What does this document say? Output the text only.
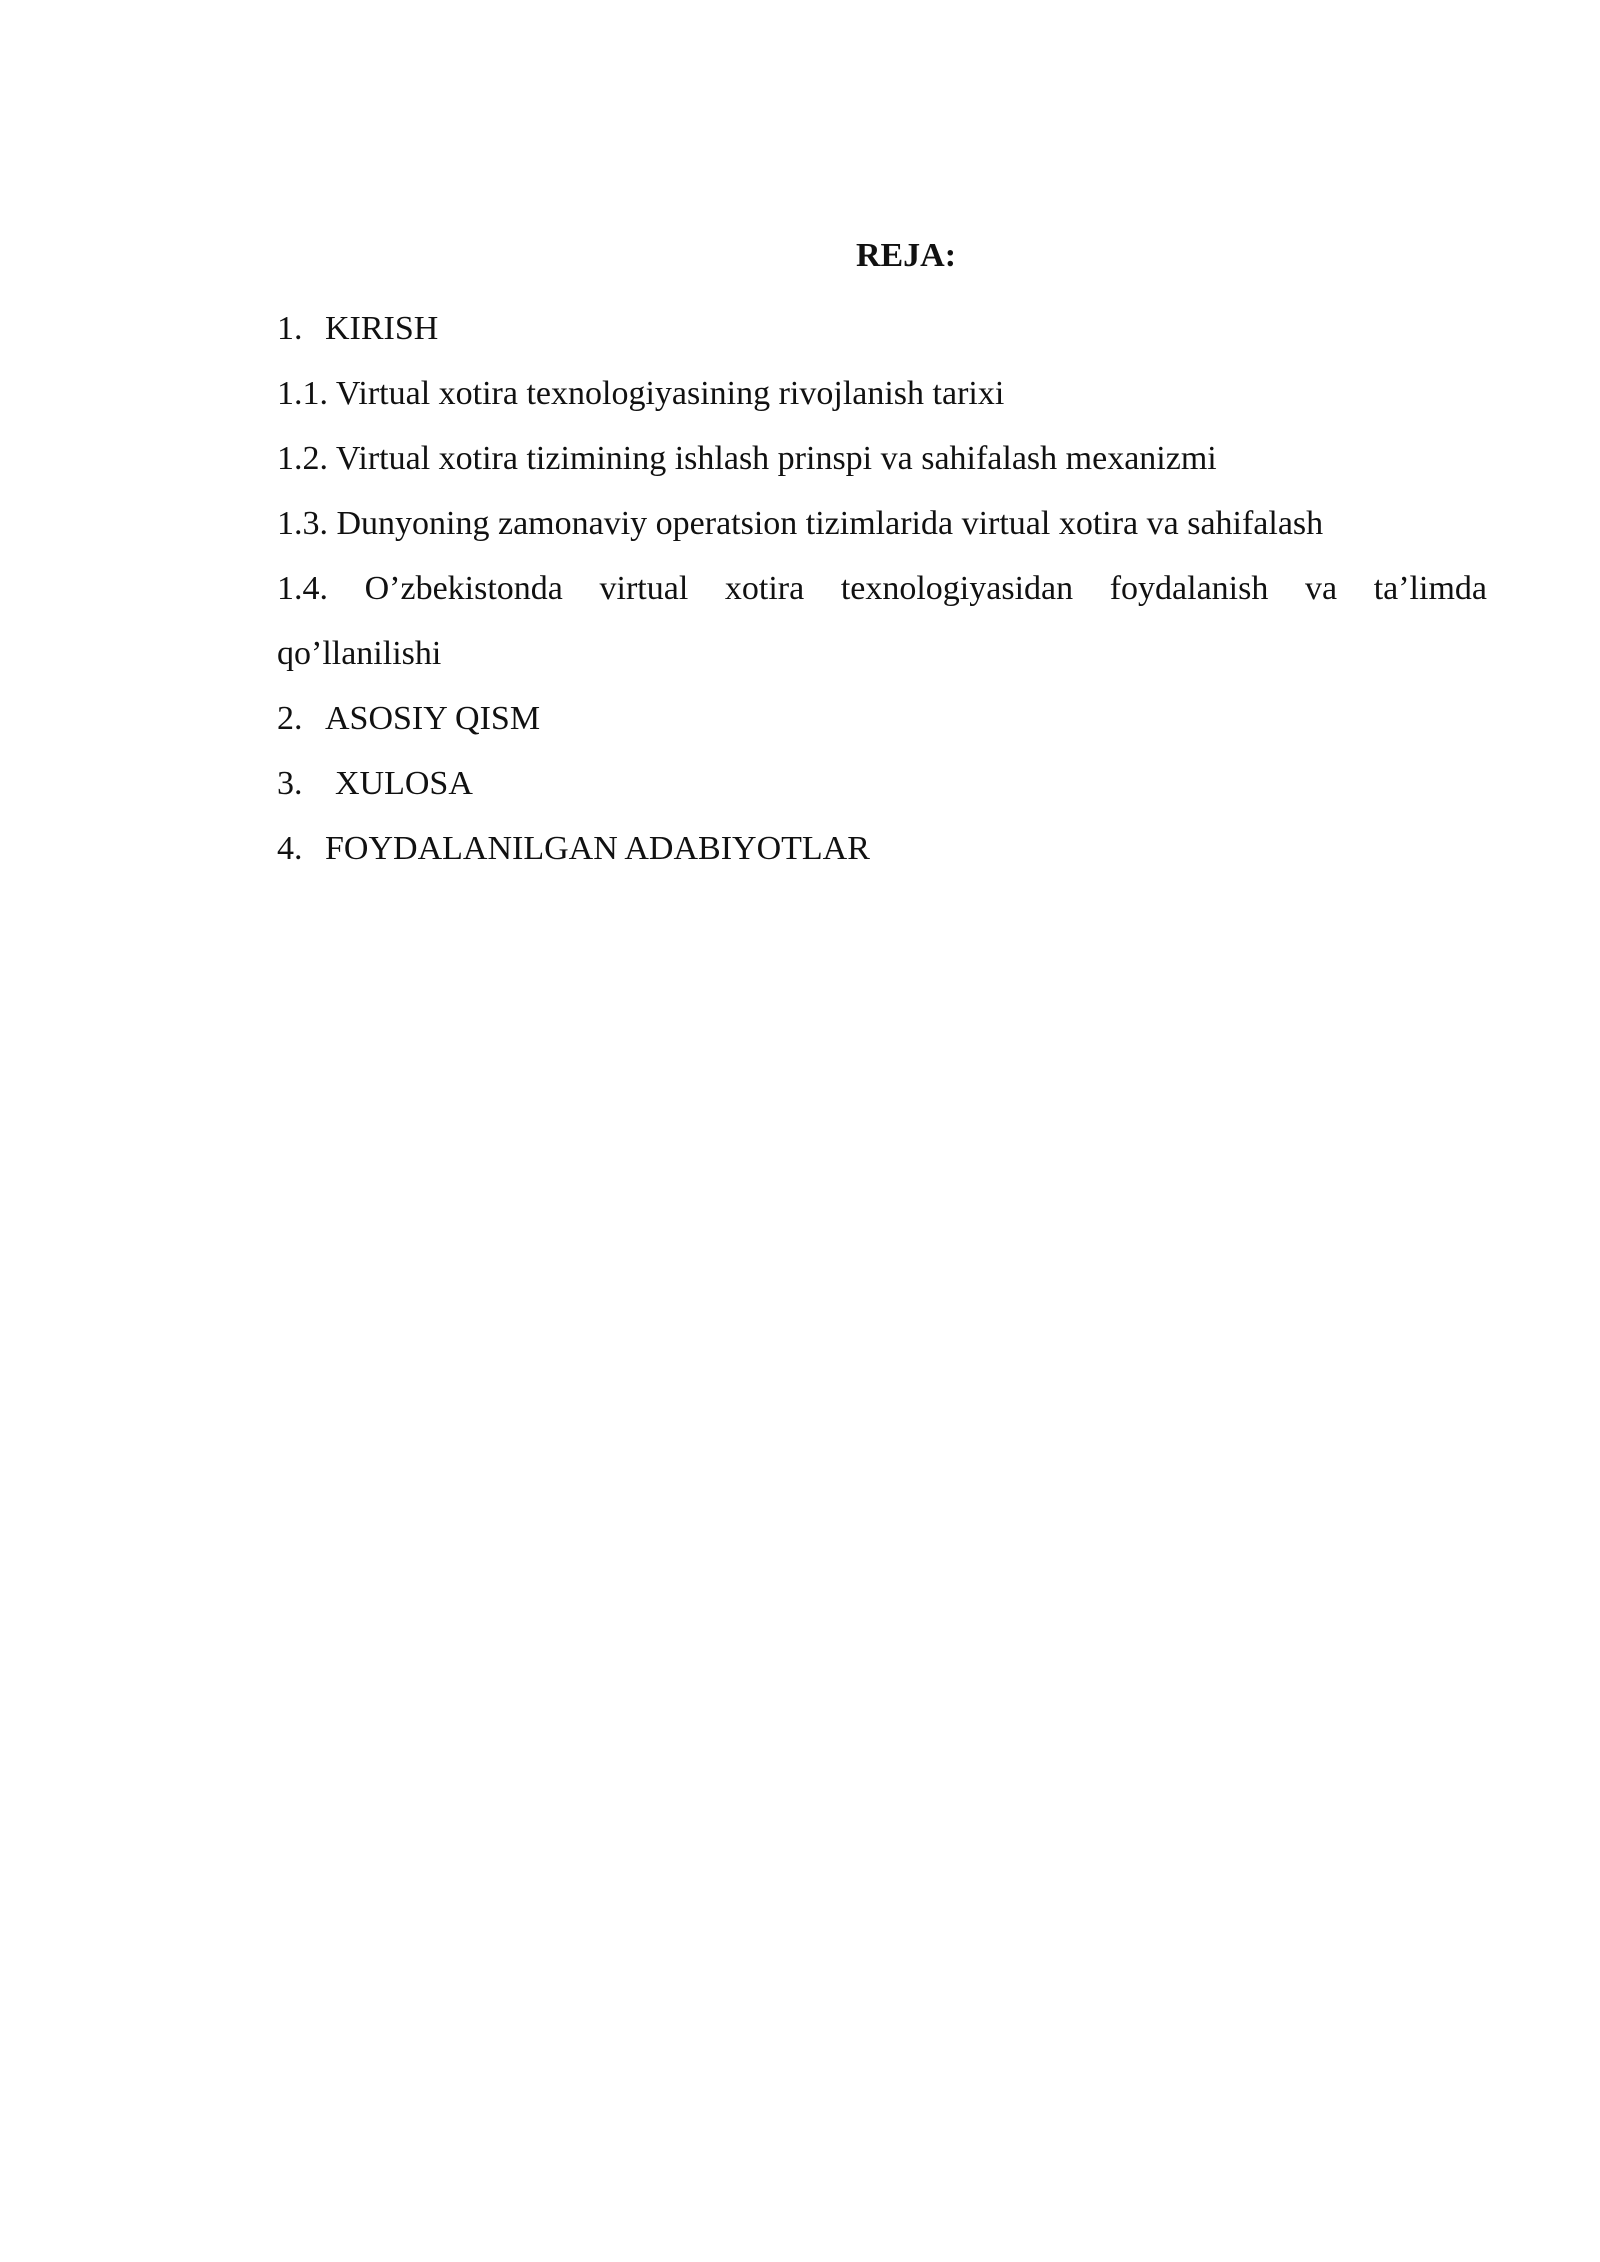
REJA:
1. KIRISH
1.1. Virtual xotira texnologiyasining rivojlanish tarixi
1.2. Virtual xotira tizimining ishlash prinspi va sahifalash mexanizmi
1.3. Dunyoning zamonaviy operatsion tizimlarida virtual xotira va sahifalash
1.4. O’zbekistonda virtual xotira texnologiyasidan foydalanish va ta’limda
qo’llanilishi
2. ASOSIY QISM
3. XULOSA
4. FOYDALANILGAN ADABIYOTLAR
